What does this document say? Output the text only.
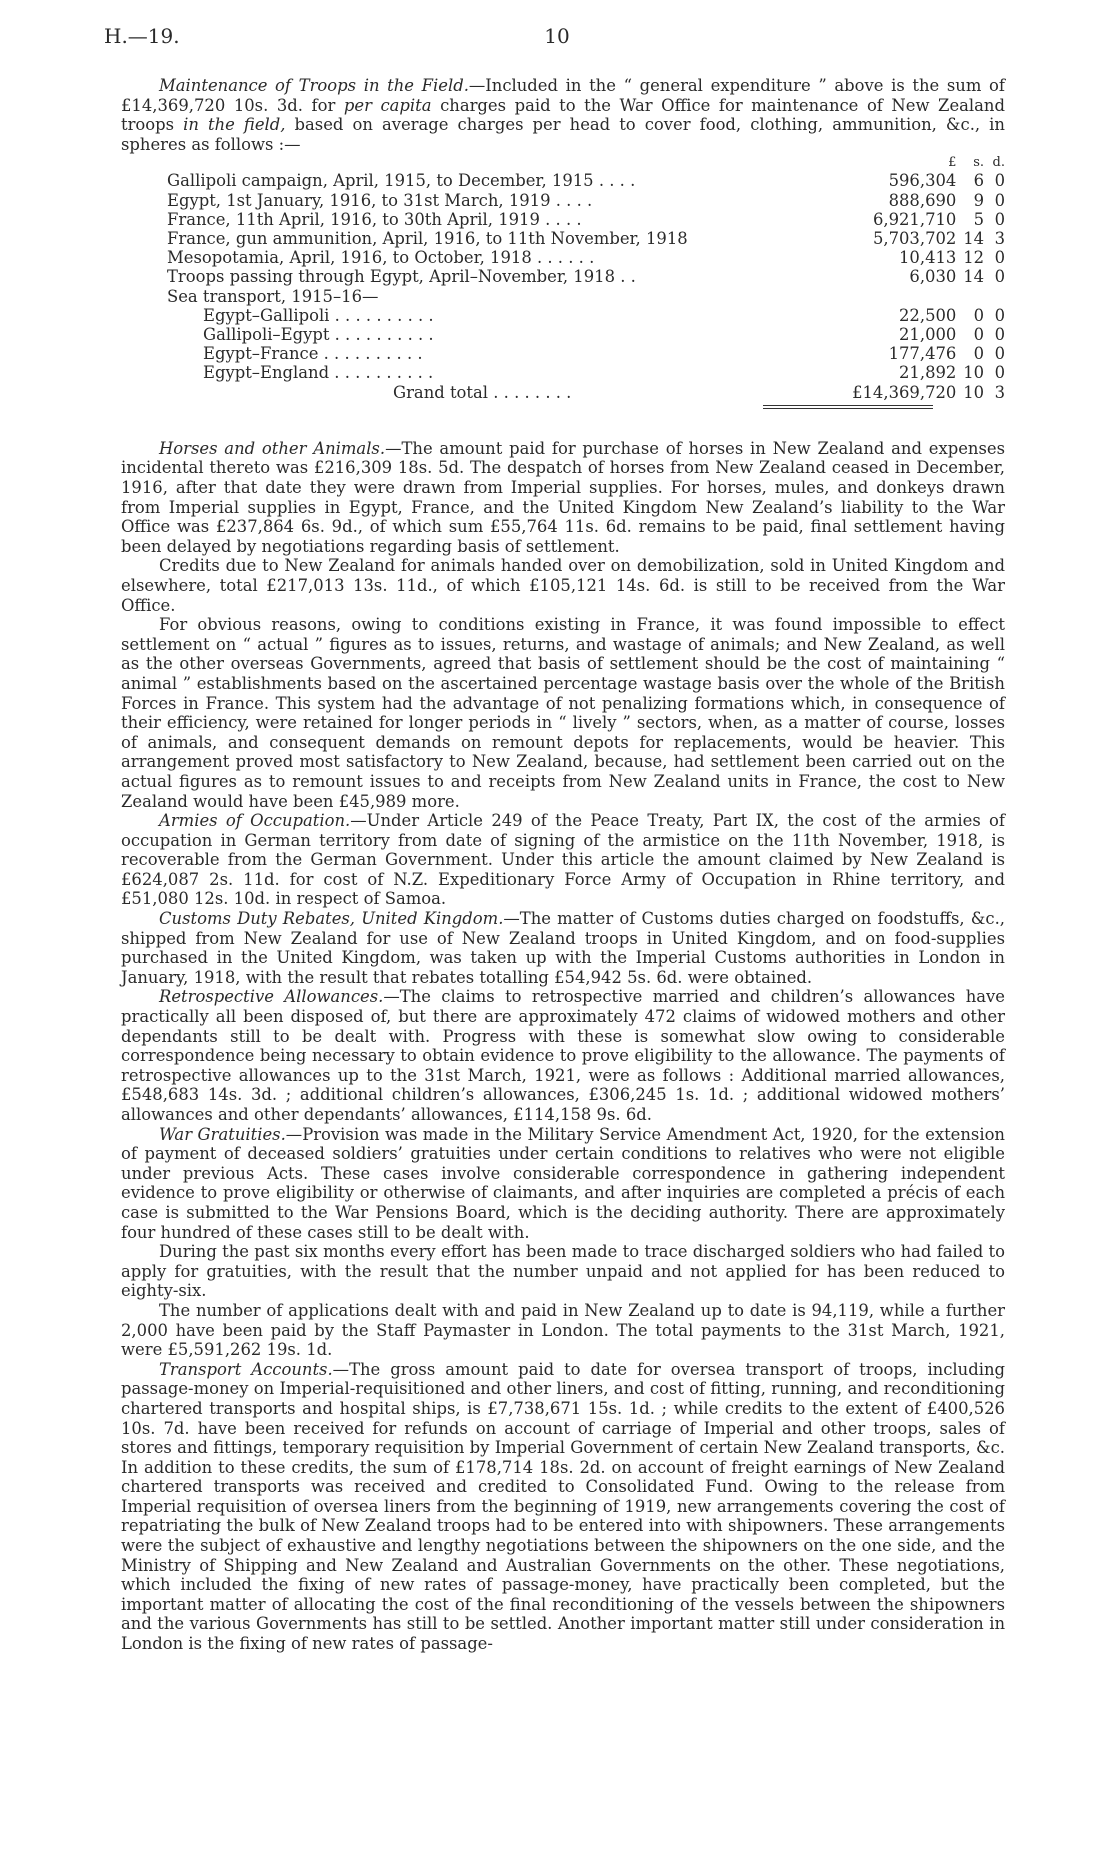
H.—19.	10

Maintenance of Troops in the Field.—Included in the “ general expenditure ” above is the sum of £14,369,720 10s. 3d. for per capita charges paid to the War Office for maintenance of New Zealand troops in the field, based on average charges per head to cover food, clothing, ammunition, &c., in spheres as follows :—

	£	s.	d.	
Gallipoli campaign, April, 1915, to December, 1915 . . . .	596,304	6	0	
Egypt, 1st January, 1916, to 31st March, 1919 . . . .	888,690	9	0	
France, 11th April, 1916, to 30th April, 1919 . . . .	6,921,710	5	0	
France, gun ammunition, April, 1916, to 11th November, 1918	5,703,702	14	3	
Mesopotamia, April, 1916, to October, 1918 . . . . . .	10,413	12	0	
Troops passing through Egypt, April–November, 1918 . .	6,030	14	0	
Sea transport, 1915–16—				
Egypt–Gallipoli . . . . . . . . . .	22,500	0	0	
Gallipoli–Egypt . . . . . . . . . .	21,000	0	0	
Egypt–France . . . . . . . . . .	177,476	0	0	
Egypt–England . . . . . . . . . .	21,892	10	0	
Grand total . . . . . . . .	£14,369,720	10	3	

Horses and other Animals.—The amount paid for purchase of horses in New Zealand and expenses incidental thereto was £216,309 18s. 5d. The despatch of horses from New Zealand ceased in December, 1916, after that date they were drawn from Imperial supplies. For horses, mules, and donkeys drawn from Imperial supplies in Egypt, France, and the United Kingdom New Zealand’s liability to the War Office was £237,864 6s. 9d., of which sum £55,764 11s. 6d. remains to be paid, final settlement having been delayed by negotiations regarding basis of settlement.

Credits due to New Zealand for animals handed over on demobilization, sold in United Kingdom and elsewhere, total £217,013 13s. 11d., of which £105,121 14s. 6d. is still to be received from the War Office.

For obvious reasons, owing to conditions existing in France, it was found impossible to effect settlement on “ actual ” figures as to issues, returns, and wastage of animals; and New Zealand, as well as the other overseas Governments, agreed that basis of settlement should be the cost of maintaining “ animal ” establishments based on the ascertained percentage wastage basis over the whole of the British Forces in France. This system had the advantage of not penalizing formations which, in consequence of their efficiency, were retained for longer periods in “ lively ” sectors, when, as a matter of course, losses of animals, and consequent demands on remount depots for replacements, would be heavier. This arrangement proved most satisfactory to New Zealand, because, had settlement been carried out on the actual figures as to remount issues to and receipts from New Zealand units in France, the cost to New Zealand would have been £45,989 more.

Armies of Occupation.—Under Article 249 of the Peace Treaty, Part IX, the cost of the armies of occupation in German territory from date of signing of the armistice on the 11th November, 1918, is recoverable from the German Government. Under this article the amount claimed by New Zealand is £624,087 2s. 11d. for cost of N.Z. Expeditionary Force Army of Occupation in Rhine territory, and £51,080 12s. 10d. in respect of Samoa.

Customs Duty Rebates, United Kingdom.—The matter of Customs duties charged on foodstuffs, &c., shipped from New Zealand for use of New Zealand troops in United Kingdom, and on food-supplies purchased in the United Kingdom, was taken up with the Imperial Customs authorities in London in January, 1918, with the result that rebates totalling £54,942 5s. 6d. were obtained.

Retrospective Allowances.—The claims to retrospective married and children’s allowances have practically all been disposed of, but there are approximately 472 claims of widowed mothers and other dependants still to be dealt with. Progress with these is somewhat slow owing to considerable correspondence being necessary to obtain evidence to prove eligibility to the allowance. The payments of retrospective allowances up to the 31st March, 1921, were as follows : Additional married allowances, £548,683 14s. 3d. ; additional children’s allowances, £306,245 1s. 1d. ; additional widowed mothers’ allowances and other dependants’ allowances, £114,158 9s. 6d.

War Gratuities.—Provision was made in the Military Service Amendment Act, 1920, for the extension of payment of deceased soldiers’ gratuities under certain conditions to relatives who were not eligible under previous Acts. These cases involve considerable correspondence in gathering independent evidence to prove eligibility or otherwise of claimants, and after inquiries are completed a précis of each case is submitted to the War Pensions Board, which is the deciding authority. There are approximately four hundred of these cases still to be dealt with.

During the past six months every effort has been made to trace discharged soldiers who had failed to apply for gratuities, with the result that the number unpaid and not applied for has been reduced to eighty-six.

The number of applications dealt with and paid in New Zealand up to date is 94,119, while a further 2,000 have been paid by the Staff Paymaster in London. The total payments to the 31st March, 1921, were £5,591,262 19s. 1d.

Transport Accounts.—The gross amount paid to date for oversea transport of troops, including passage-money on Imperial-requisitioned and other liners, and cost of fitting, running, and reconditioning chartered transports and hospital ships, is £7,738,671 15s. 1d. ; while credits to the extent of £400,526 10s. 7d. have been received for refunds on account of carriage of Imperial and other troops, sales of stores and fittings, temporary requisition by Imperial Government of certain New Zealand transports, &c. In addition to these credits, the sum of £178,714 18s. 2d. on account of freight earnings of New Zealand chartered transports was received and credited to Consolidated Fund. Owing to the release from Imperial requisition of oversea liners from the beginning of 1919, new arrangements covering the cost of repatriating the bulk of New Zealand troops had to be entered into with shipowners. These arrangements were the subject of exhaustive and lengthy negotiations between the shipowners on the one side, and the Ministry of Shipping and New Zealand and Australian Governments on the other. These negotiations, which included the fixing of new rates of passage-money, have practically been completed, but the important matter of allocating the cost of the final reconditioning of the vessels between the shipowners and the various Governments has still to be settled. Another important matter still under consideration in London is the fixing of new rates of passage-
